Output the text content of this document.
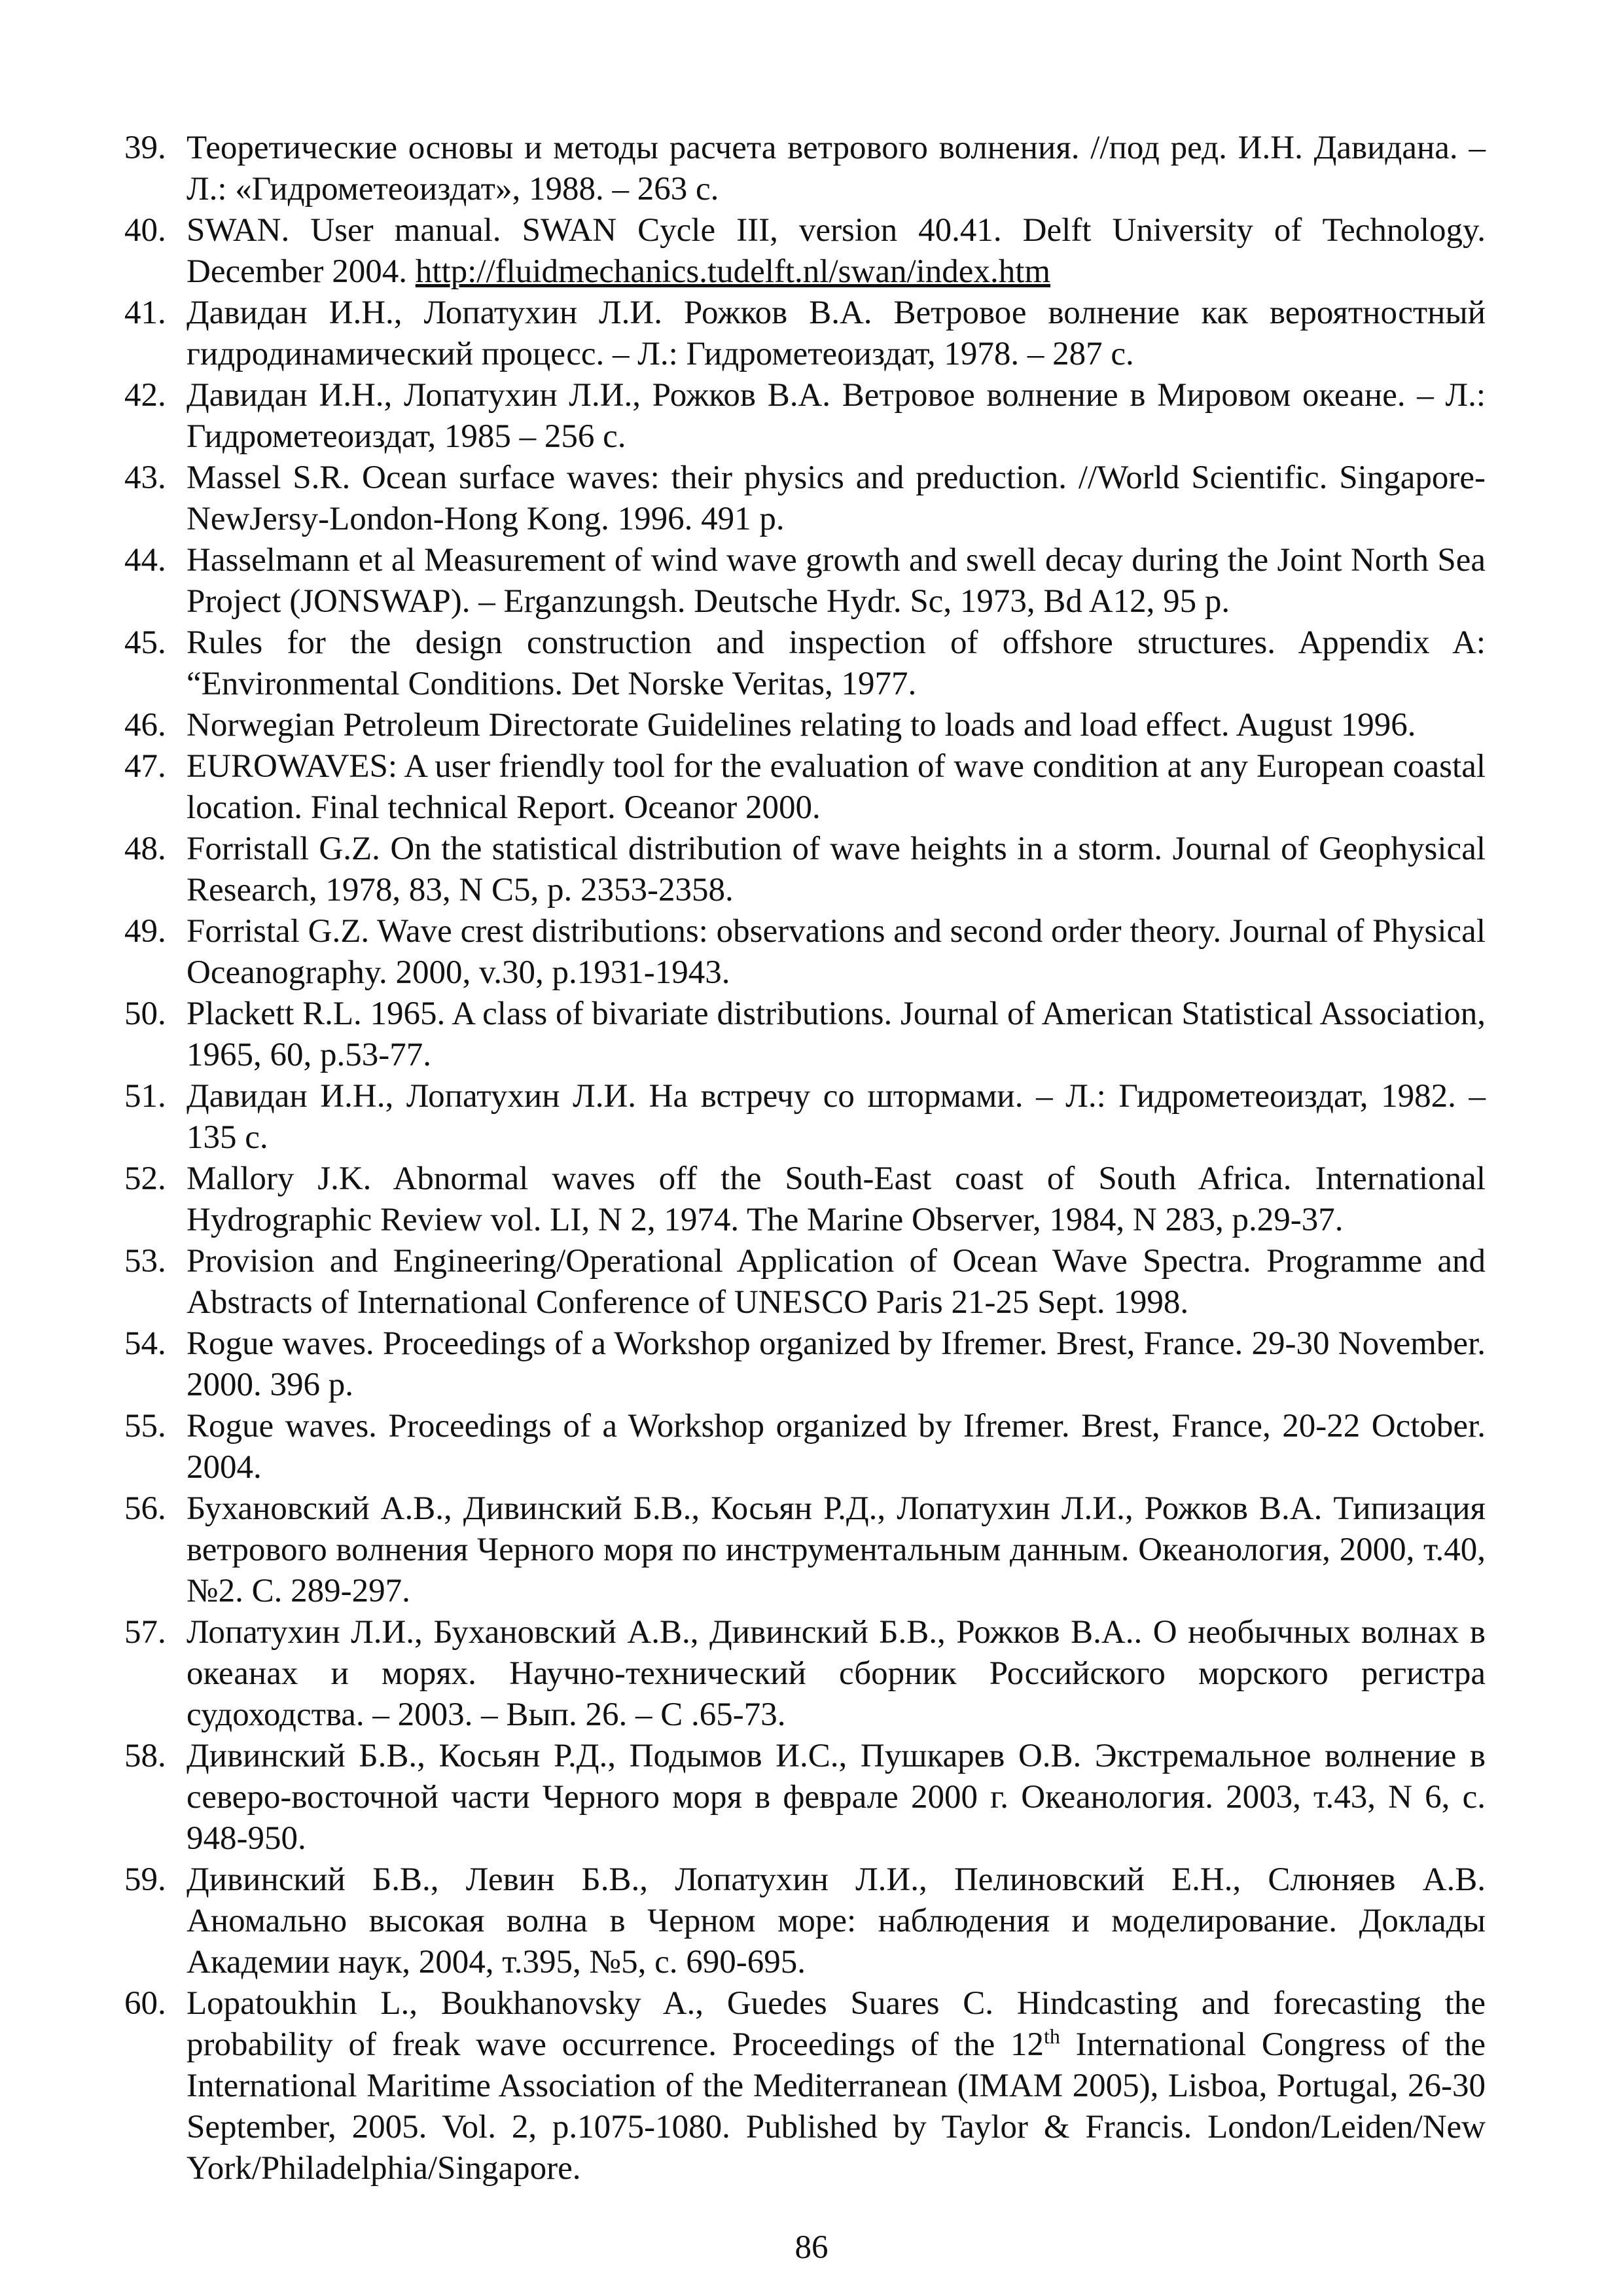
39. Теоретические основы и методы расчета ветрового волнения. //под ред. И.Н. Давидана. – Л.: «Гидрометеоиздат», 1988. – 263 с.
40. SWAN. User manual. SWAN Cycle III, version 40.41. Delft University of Technology. December 2004. http://fluidmechanics.tudelft.nl/swan/index.htm
41. Давидан И.Н., Лопатухин Л.И. Рожков В.А. Ветровое волнение как вероятностный гидродинамический процесс. – Л.: Гидрометеоиздат, 1978. – 287 с.
42. Давидан И.Н., Лопатухин Л.И., Рожков В.А. Ветровое волнение в Мировом океане. – Л.: Гидрометеоиздат, 1985 – 256 с.
43. Massel S.R. Ocean surface waves: their physics and preduction. //World Scientific. Singapore-NewJersy-London-Hong Kong. 1996. 491 p.
44. Hasselmann et al Measurement of wind wave growth and swell decay during the Joint North Sea Project (JONSWAP). – Erganzungsh. Deutsche Hydr. Sc, 1973, Bd A12, 95 p.
45. Rules for the design construction and inspection of offshore structures. Appendix A: “Environmental Conditions. Det Norske Veritas, 1977.
46. Norwegian Petroleum Directorate Guidelines relating to loads and load effect. August 1996.
47. EUROWAVES: A user friendly tool for the evaluation of wave condition at any European coastal location. Final technical Report. Oceanor 2000.
48. Forristall G.Z. On the statistical distribution of wave heights in a storm. Journal of Geophysical Research, 1978, 83, N C5, p. 2353-2358.
49. Forristal G.Z. Wave crest distributions: observations and second order theory. Journal of Physical Oceanography. 2000, v.30, p.1931-1943.
50. Plackett R.L. 1965. A class of bivariate distributions. Journal of American Statistical Association, 1965, 60, p.53-77.
51. Давидан И.Н., Лопатухин Л.И. На встречу со штормами. – Л.: Гидрометеоиздат, 1982. – 135 с.
52. Mallory J.K. Abnormal waves off the South-East coast of South Africa. International Hydrographic Review vol. LI, N 2, 1974. The Marine Observer, 1984, N 283, p.29-37.
53. Provision and Engineering/Operational Application of Ocean Wave Spectra. Programme and Abstracts of International Conference of UNESCO Paris 21-25 Sept. 1998.
54. Rogue waves. Proceedings of a Workshop organized by Ifremer. Brest, France. 29-30 November. 2000. 396 p.
55. Rogue waves. Proceedings of a Workshop organized by Ifremer. Brest, France, 20-22 October. 2004.
56. Бухановский А.В., Дивинский Б.В., Косьян Р.Д., Лопатухин Л.И., Рожков В.А. Типизация ветрового волнения Черного моря по инструментальным данным. Океанология, 2000, т.40, №2. С. 289-297.
57. Лопатухин Л.И., Бухановский А.В., Дивинский Б.В., Рожков В.А.. О необычных волнах в океанах и морях. Научно-технический сборник Российского морского регистра судоходства. – 2003. – Вып. 26. – С .65-73.
58. Дивинский Б.В., Косьян Р.Д., Подымов И.С., Пушкарев О.В. Экстремальное волнение в северо-восточной части Черного моря в феврале 2000 г. Океанология. 2003, т.43, N 6, с. 948-950.
59. Дивинский Б.В., Левин Б.В., Лопатухин Л.И., Пелиновский Е.Н., Слюняев А.В. Аномально высокая волна в Черном море: наблюдения и моделирование. Доклады Академии наук, 2004, т.395, №5, с. 690-695.
60. Lopatoukhin L., Boukhanovsky A., Guedes Suares C. Hindcasting and forecasting the probability of freak wave occurrence. Proceedings of the 12th International Congress of the International Maritime Association of the Mediterranean (IMAM 2005), Lisboa, Portugal, 26-30 September, 2005. Vol. 2, p.1075-1080. Published by Taylor & Francis. London/Leiden/New York/Philadelphia/Singapore.
86
